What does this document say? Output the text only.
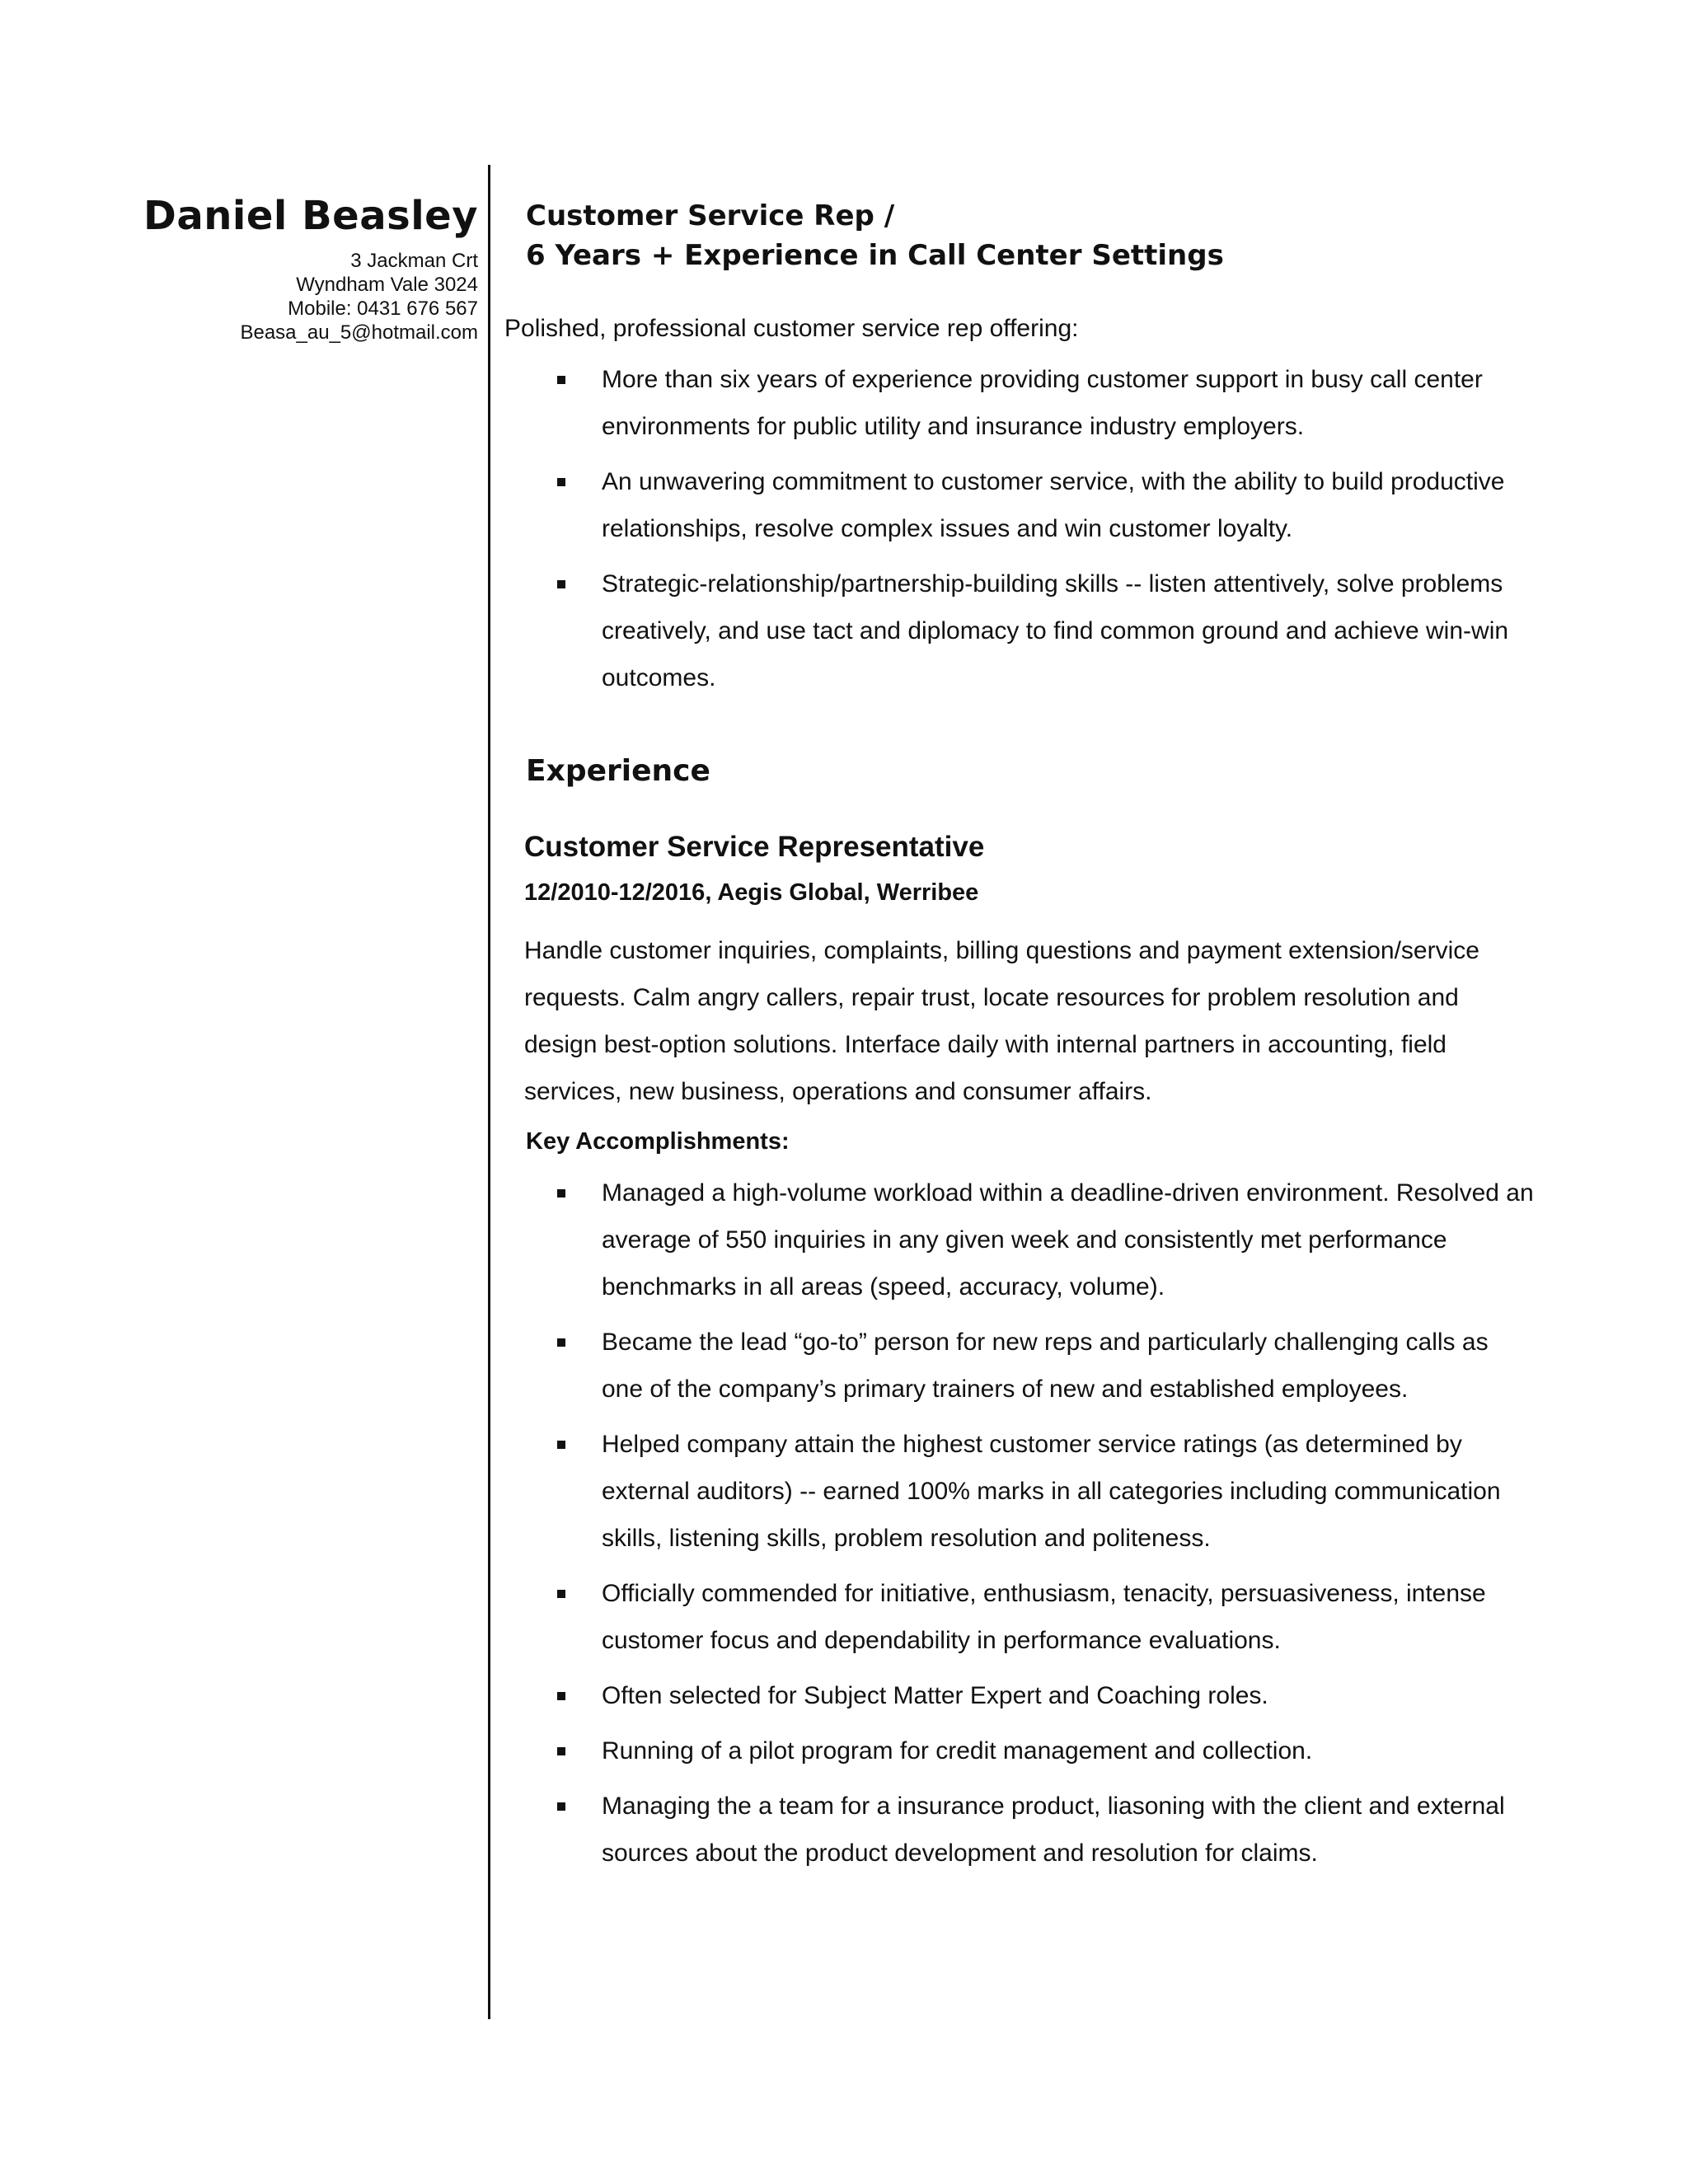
Daniel Beasley
3 Jackman Crt
Wyndham Vale 3024
Mobile: 0431 676 567
Beasa_au_5@hotmail.com
Customer Service Rep /
6 Years + Experience in Call Center Settings
Polished, professional customer service rep offering:
More than six years of experience providing customer support in busy call center environments for public utility and insurance industry employers.
An unwavering commitment to customer service, with the ability to build productive relationships, resolve complex issues and win customer loyalty.
Strategic-relationship/partnership-building skills -- listen attentively, solve problems creatively, and use tact and diplomacy to find common ground and achieve win-win outcomes.
Experience
Customer Service Representative
12/2010-12/2016, Aegis Global, Werribee
Handle customer inquiries, complaints, billing questions and payment extension/service requests. Calm angry callers, repair trust, locate resources for problem resolution and design best-option solutions. Interface daily with internal partners in accounting, field services, new business, operations and consumer affairs.
Key Accomplishments:
Managed a high-volume workload within a deadline-driven environment. Resolved an average of 550 inquiries in any given week and consistently met performance benchmarks in all areas (speed, accuracy, volume).
Became the lead “go-to” person for new reps and particularly challenging calls as one of the company’s primary trainers of new and established employees.
Helped company attain the highest customer service ratings (as determined by external auditors) -- earned 100% marks in all categories including communication skills, listening skills, problem resolution and politeness.
Officially commended for initiative, enthusiasm, tenacity, persuasiveness, intense customer focus and dependability in performance evaluations.
Often selected for Subject Matter Expert and Coaching roles.
Running of a pilot program for credit management and collection.
Managing the a team for a insurance product, liasoning with the client and external sources about the product development and resolution for claims.
